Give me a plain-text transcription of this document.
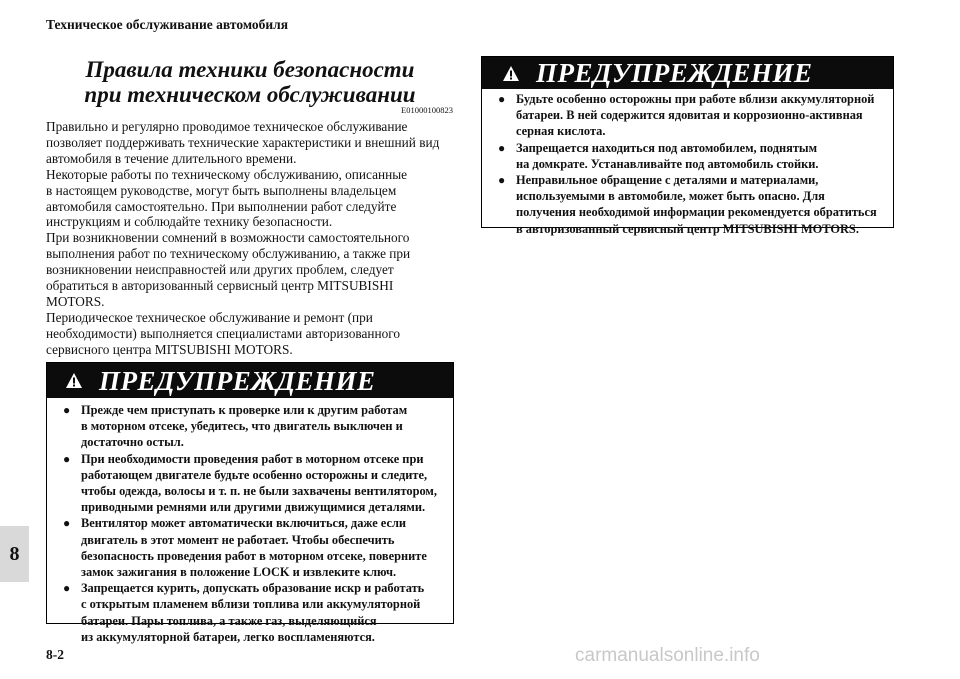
Техническое обслуживание автомобиля
Правила техники безопасности
при техническом обслуживании
E01000100823
Правильно и регулярно проводимое техническое обслуживание
позволяет поддерживать технические характеристики и внешний вид
автомобиля в течение длительного времени.
Некоторые работы по техническому обслуживанию, описанные
в настоящем руководстве, могут быть выполнены владельцем
автомобиля самостоятельно. При выполнении работ следуйте
инструкциям и соблюдайте технику безопасности.
При возникновении сомнений в возможности самостоятельного
выполнения работ по техническому обслуживанию, а также при
возникновении неисправностей или других проблем, следует
обратиться в авторизованный сервисный центр MITSUBISHI
MOTORS.
Периодическое техническое обслуживание и ремонт (при
необходимости) выполняется специалистами авторизованного
сервисного центра MITSUBISHI MOTORS.
ПРЕДУПРЕЖДЕНИЕ
● Прежде чем приступать к проверке или к другим работам
в моторном отсеке, убедитесь, что двигатель выключен и
достаточно остыл.
● При необходимости проведения работ в моторном отсеке при
работающем двигателе будьте особенно осторожны и следите,
чтобы одежда, волосы и т. п. не были захвачены вентилятором,
приводными ремнями или другими движущимися деталями.
● Вентилятор может автоматически включиться, даже если
двигатель в этот момент не работает. Чтобы обеспечить
безопасность проведения работ в моторном отсеке, поверните
замок зажигания в положение LOCK и извлеките ключ.
● Запрещается курить, допускать образование искр и работать
с открытым пламенем вблизи топлива или аккумуляторной
батареи. Пары топлива, а также газ, выделяющийся
из аккумуляторной батареи, легко воспламеняются.
ПРЕДУПРЕЖДЕНИЕ
● Будьте особенно осторожны при работе вблизи аккумуляторной
батареи. В ней содержится ядовитая и коррозионно-активная
серная кислота.
● Запрещается находиться под автомобилем, поднятым
на домкрате. Устанавливайте под автомобиль стойки.
● Неправильное обращение с деталями и материалами,
используемыми в автомобиле, может быть опасно. Для
получения необходимой информации рекомендуется обратиться
в авторизованный сервисный центр MITSUBISHI MOTORS.
8
8-2	carmanualsonline.info
